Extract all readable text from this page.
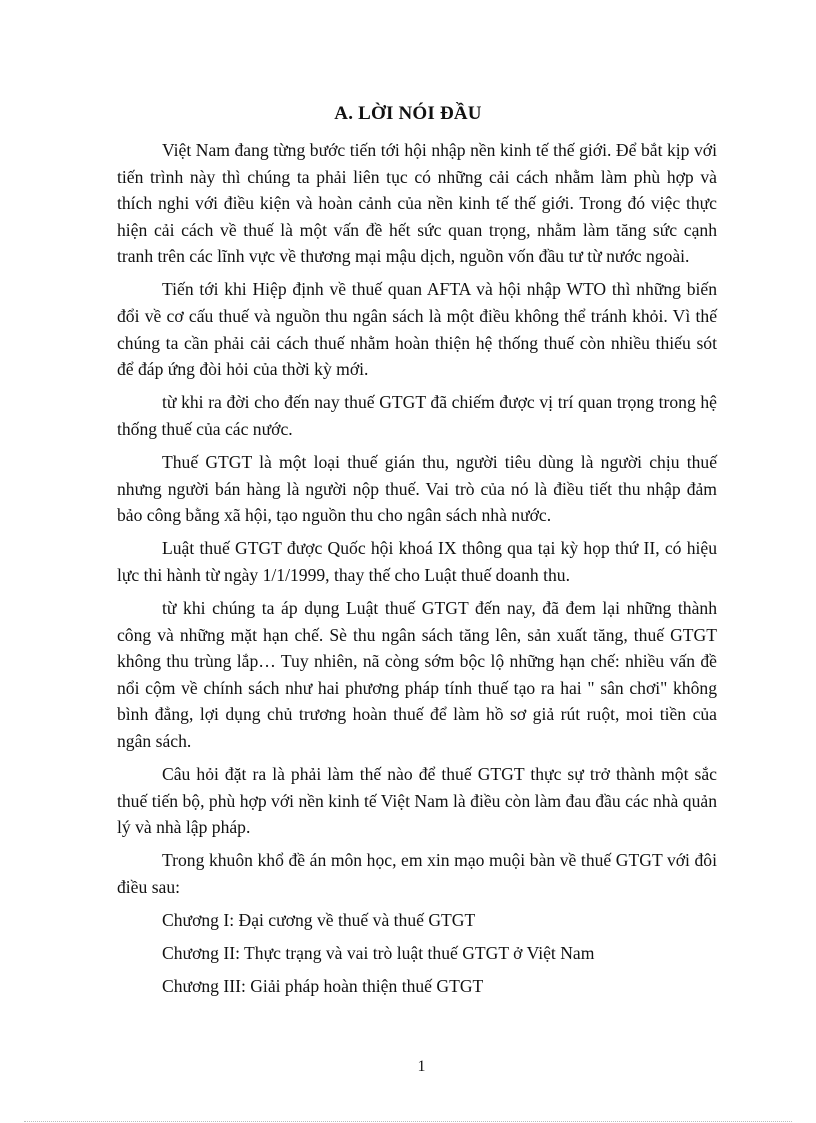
A. LỜI NÓI ĐẦU

Việt Nam đang từng bước tiến tới hội nhập nền kinh tế thế giới. Để bắt kịp với tiến trình này thì chúng ta phải liên tục có những cải cách nhằm làm phù hợp và thích nghi với điều kiện và hoàn cảnh của nền kinh tế thế giới. Trong đó việc thực hiện cải cách về thuế là một vấn đề hết sức quan trọng, nhằm làm tăng sức cạnh tranh trên các lĩnh vực về thương mại mậu dịch, nguồn vốn đầu tư từ nước ngoài.

Tiến tới khi Hiệp định về thuế quan AFTA và hội nhập WTO thì những biến đổi về cơ cấu thuế và nguồn thu ngân sách là một điều không thể tránh khỏi. Vì thế chúng ta cần phải cải cách thuế nhằm hoàn thiện hệ thống thuế còn nhiều thiếu sót để đáp ứng đòi hỏi của thời kỳ mới.

từ khi ra đời cho đến nay thuế GTGT đã chiếm được vị trí quan trọng trong hệ thống thuế của các nước.

Thuế GTGT là một loại thuế gián thu, người tiêu dùng là người chịu thuế nhưng người bán hàng là người nộp thuế. Vai trò của nó là điều tiết thu nhập đảm bảo công bằng xã hội, tạo nguồn thu cho ngân sách nhà nước.

Luật thuế GTGT được Quốc hội khoá IX thông qua tại kỳ họp thứ II, có hiệu lực thi hành từ ngày 1/1/1999, thay thế cho Luật thuế doanh thu.

từ khi chúng ta áp dụng Luật thuế GTGT đến nay, đã đem lại những thành công và những mặt hạn chế. Sè thu ngân sách tăng lên, sản xuất tăng, thuế GTGT không thu trùng lắp… Tuy nhiên, nã còng sớm bộc lộ những hạn chế: nhiều vấn đề nổi cộm về chính sách như hai phương pháp tính thuế tạo ra hai " sân chơi" không bình đẳng, lợi dụng chủ trương hoàn thuế để làm hồ sơ giả rút ruột, moi tiền của ngân sách.

Câu hỏi đặt ra là phải làm thế nào để thuế GTGT thực sự trở thành một sắc thuế tiến bộ, phù hợp với nền kinh tế Việt Nam là điều còn làm đau đầu các nhà quản lý và nhà lập pháp.

Trong khuôn khổ đề án môn học, em xin mạo muội bàn về thuế GTGT với đôi điều sau:

Chương I: Đại cương về thuế và thuế GTGT

Chương II: Thực trạng và vai trò luật thuế GTGT ở Việt Nam

Chương III: Giải pháp hoàn thiện thuế GTGT

1
